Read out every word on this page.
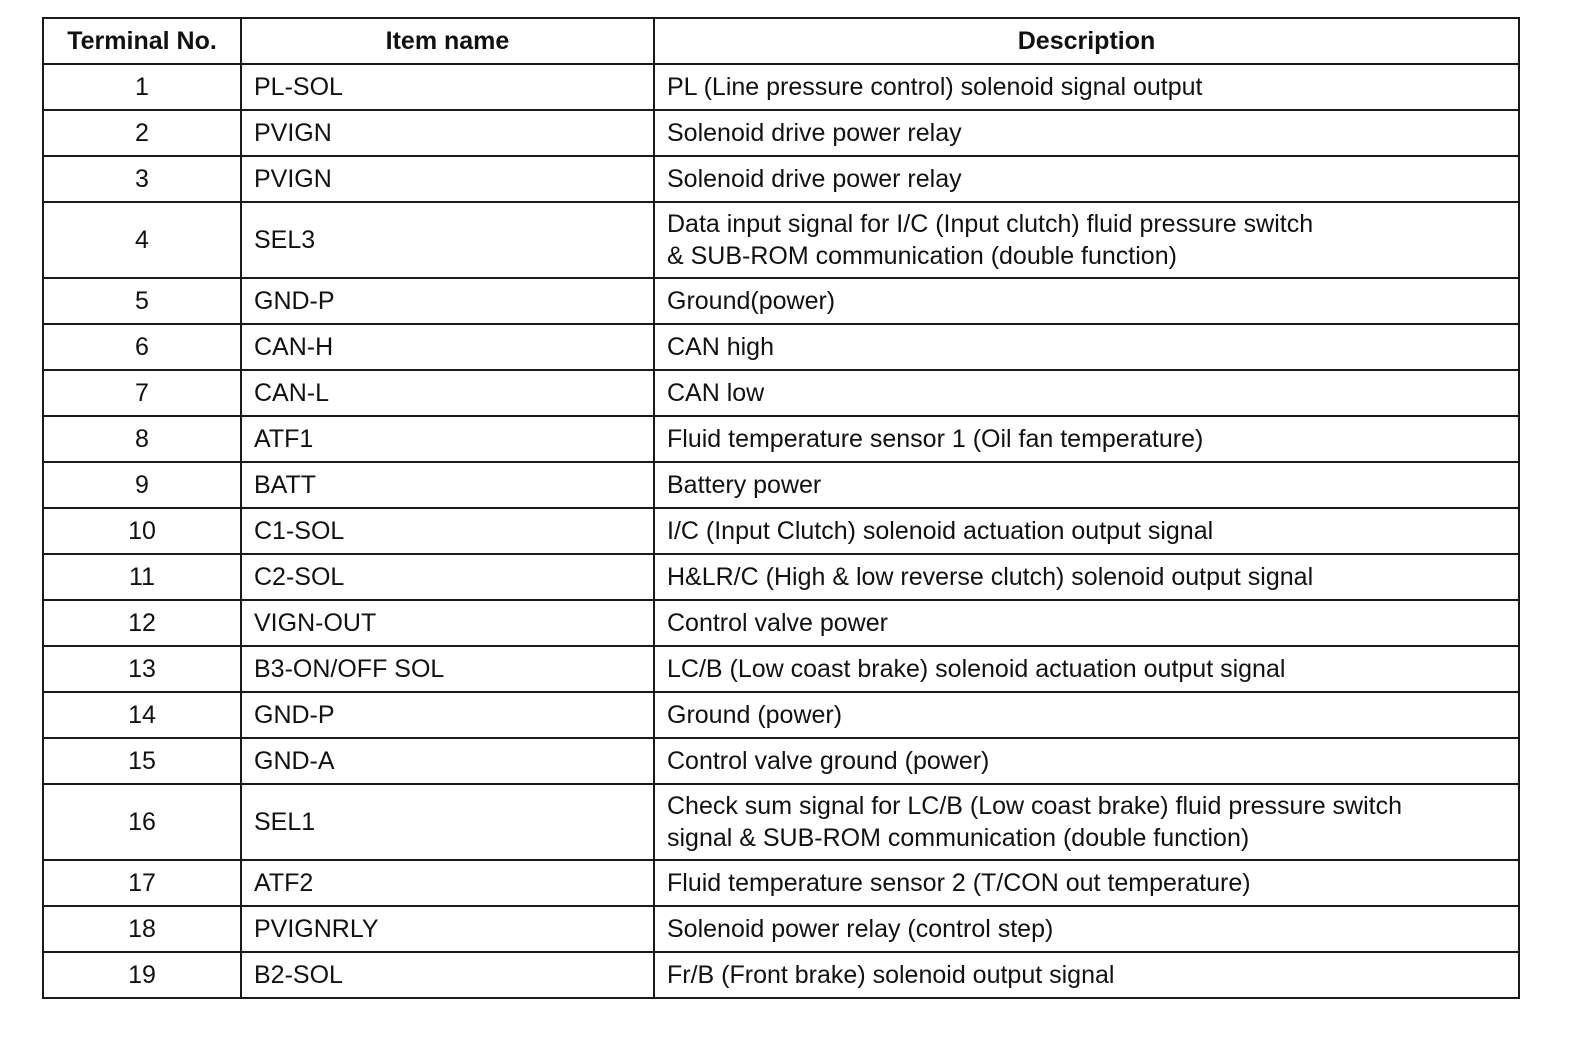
Terminal No.	Item name	Description
1	PL-SOL	PL (Line pressure control) solenoid signal output
2	PVIGN	Solenoid drive power relay
3	PVIGN	Solenoid drive power relay
4	SEL3	Data input signal for I/C (Input clutch) fluid pressure switch
& SUB-ROM communication (double function)
5	GND-P	Ground(power)
6	CAN-H	CAN high
7	CAN-L	CAN low
8	ATF1	Fluid temperature sensor 1 (Oil fan temperature)
9	BATT	Battery power
10	C1-SOL	I/C (Input Clutch) solenoid actuation output signal
11	C2-SOL	H&LR/C (High & low reverse clutch) solenoid output signal
12	VIGN-OUT	Control valve power
13	B3-ON/OFF SOL	LC/B (Low coast brake) solenoid actuation output signal
14	GND-P	Ground (power)
15	GND-A	Control valve ground (power)
16	SEL1	Check sum signal for LC/B (Low coast brake) fluid pressure switch
signal & SUB-ROM communication (double function)
17	ATF2	Fluid temperature sensor 2 (T/CON out temperature)
18	PVIGNRLY	Solenoid power relay (control step)
19	B2-SOL	Fr/B (Front brake) solenoid output signal
